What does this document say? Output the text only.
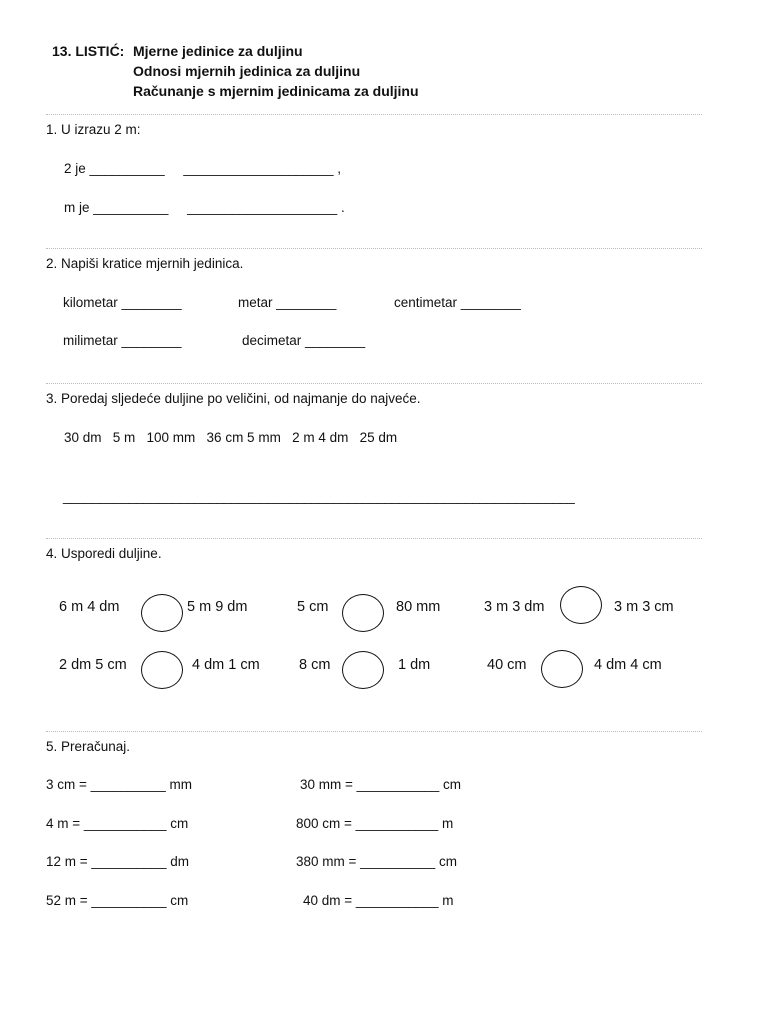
13. LISTIĆ: Mjerne jedinice za duljinu
Odnosi mjernih jedinica za duljinu
Računanje s mjernim jedinicama za duljinu
1. U izrazu 2 m:
2 je __________     ____________________ ,
m je __________     ____________________ .
2. Napiši kratice mjernih jedinica.
kilometar ________	metar ________	centimetar ________
milimetar ________	decimetar ________
3. Poredaj sljedeće duljine po veličini, od najmanje do najveće.
30 dm   5 m   100 mm   36 cm 5 mm   2 m 4 dm   25 dm
______________________________________________________________________
4. Usporedi duljine.
6 m 4 dm	5 m 9 dm	5 cm	80 mm	3 m 3 dm	3 m 3 cm
2 dm 5 cm	4 dm 1 cm	8 cm	1 dm	40 cm	4 dm 4 cm
5. Preračunaj.
3 cm = __________ mm	30 mm = ___________ cm
4 m = ___________ cm	800 cm = ___________ m
12 m = __________ dm	380 mm = __________ cm
52 m = __________ cm	40 dm = ___________ m
